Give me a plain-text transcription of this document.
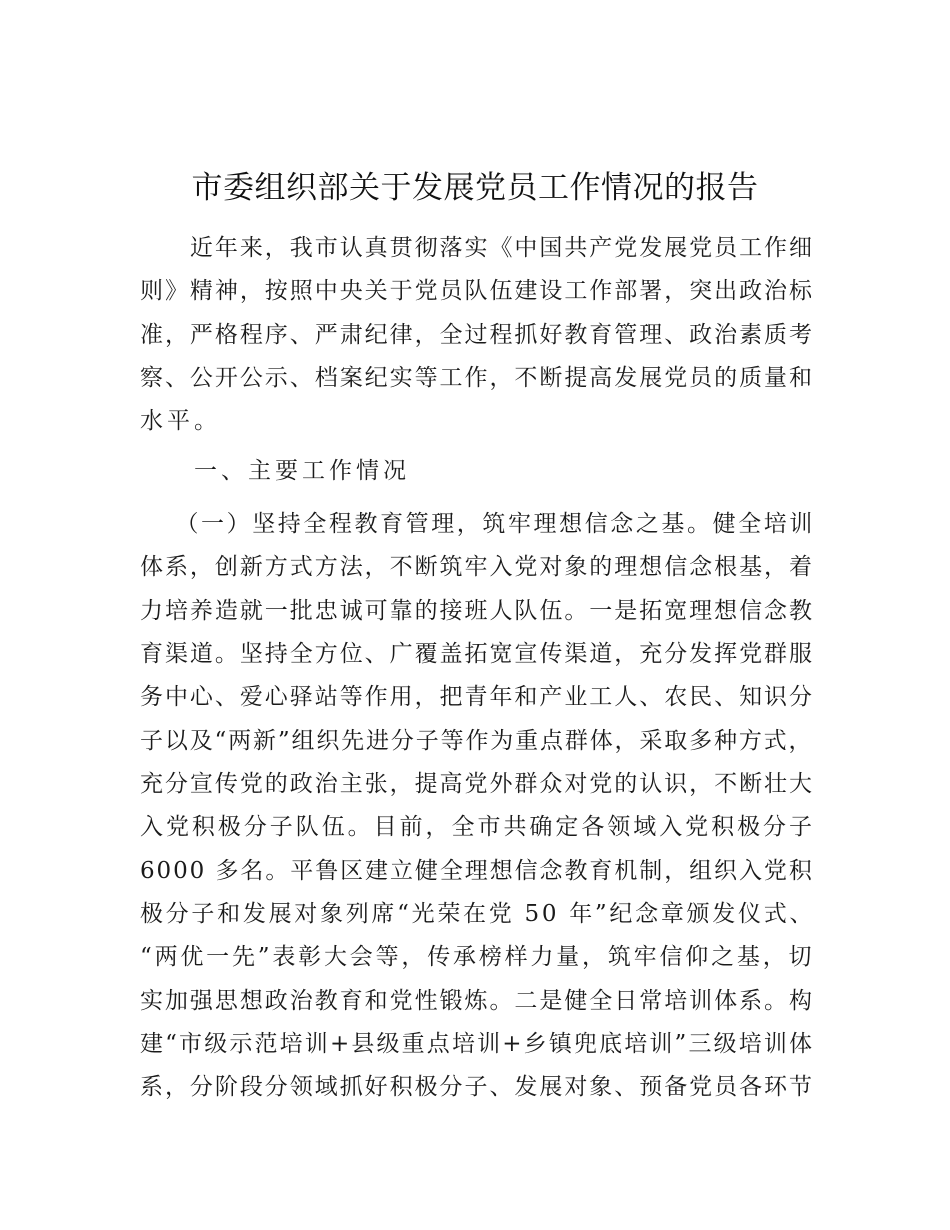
市委组织部关于发展党员工作情况的报告
　　近年来，我市认真贯彻落实《中国共产党发展党员工作细
则》精神，按照中央关于党员队伍建设工作部署，突出政治标
准，严格程序、严肃纪律，全过程抓好教育管理、政治素质考
察、公开公示、档案纪实等工作，不断提高发展党员的质量和
水平。
　　一、主要工作情况
　 （一）坚持全程教育管理，筑牢理想信念之基。健全培训
体系，创新方式方法，不断筑牢入党对象的理想信念根基，着
力培养造就一批忠诚可靠的接班人队伍。一是拓宽理想信念教
育渠道。坚持全方位、广覆盖拓宽宣传渠道，充分发挥党群服
务中心、爱心驿站等作用，把青年和产业工人、农民、知识分
子以及“两新”组织先进分子等作为重点群体，采取多种方式，
充分宣传党的政治主张，提高党外群众对党的认识，不断壮大
入党积极分子队伍。目前，全市共确定各领域入党积极分子
6000 多名。平鲁区建立健全理想信念教育机制，组织入党积
极分子和发展对象列席“光荣在党 50 年”纪念章颁发仪式、
“两优一先”表彰大会等，传承榜样力量，筑牢信仰之基，切
实加强思想政治教育和党性锻炼。二是健全日常培训体系。构
建“市级示范培训+县级重点培训+乡镇兜底培训”三级培训体
系，分阶段分领域抓好积极分子、发展对象、预备党员各环节
